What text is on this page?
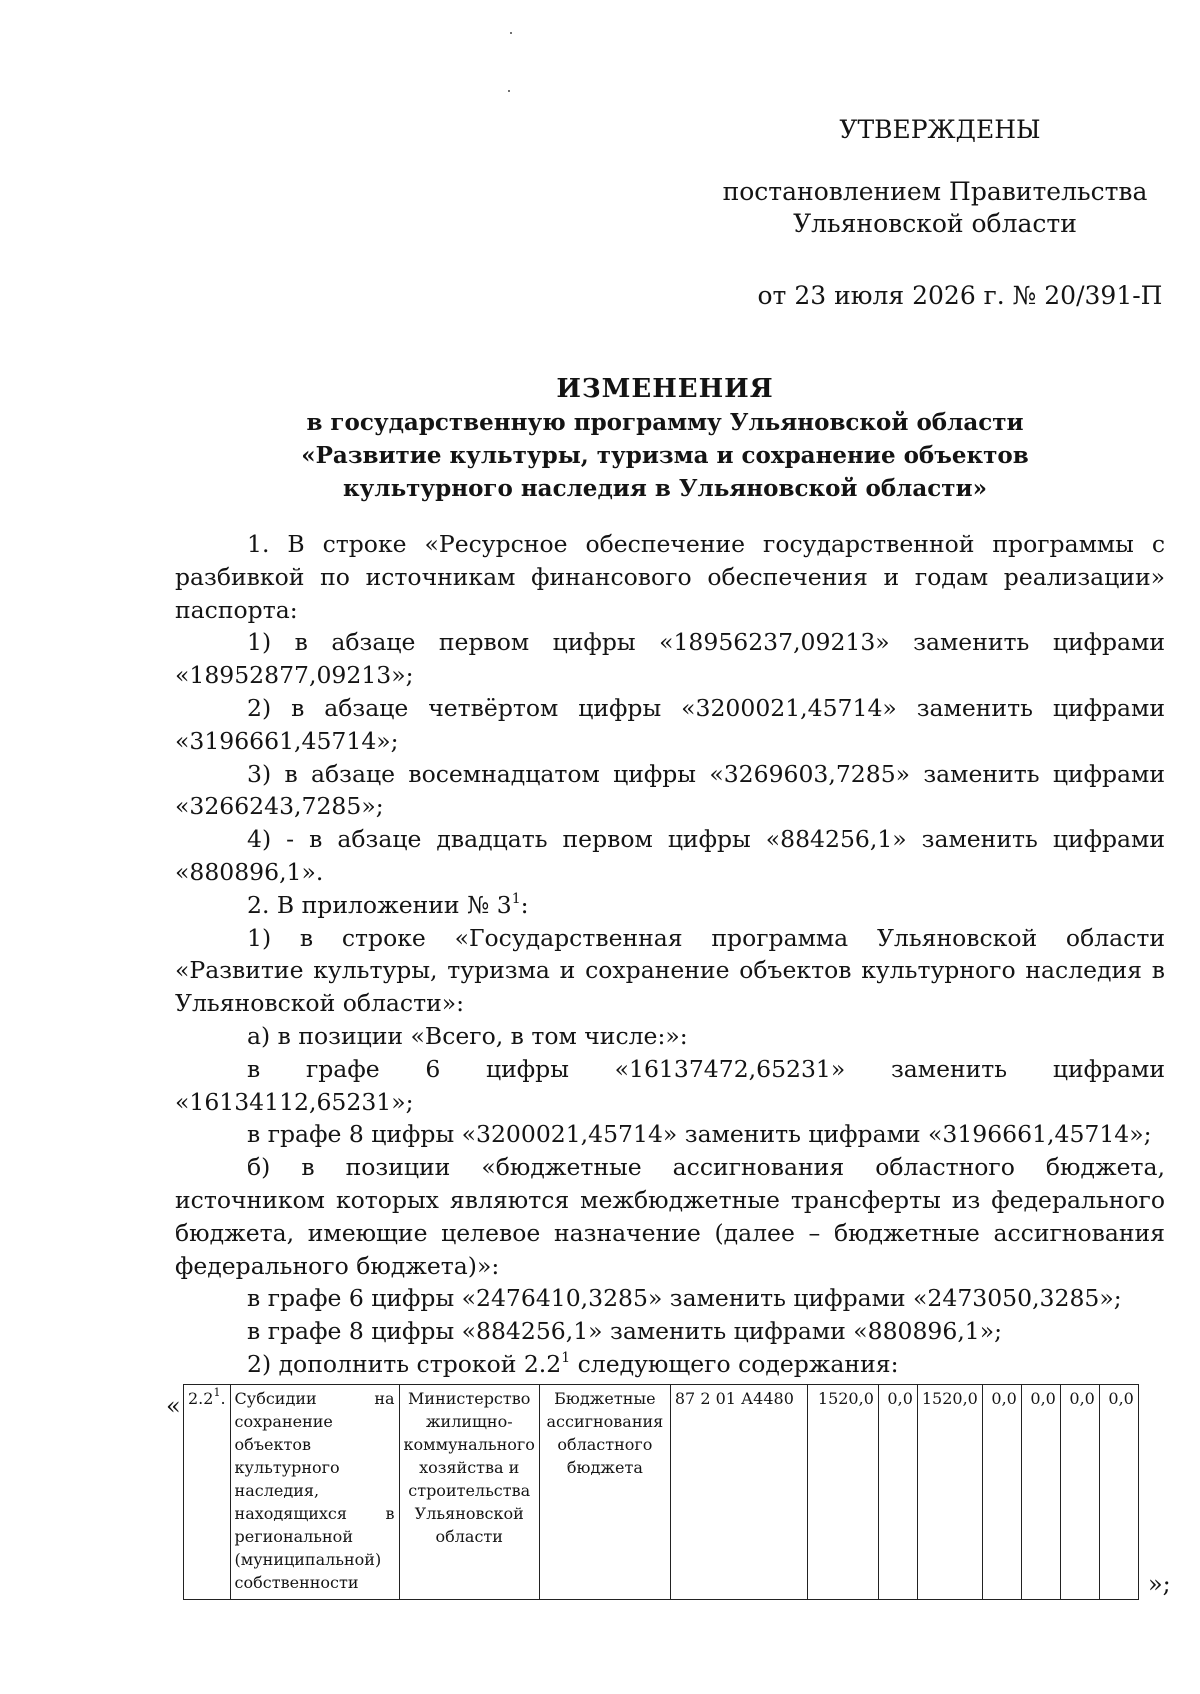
УТВЕРЖДЕНЫ
постановлением Правительства
Ульяновской области
от 23 июля 2026 г. № 20/391-П
ИЗМЕНЕНИЯ
в государственную программу Ульяновской области
«Развитие культуры, туризма и сохранение объектов
культурного наследия в Ульяновской области»

1. В строке «Ресурсное обеспечение государственной программы с разбивкой по источникам финансового обеспечения и годам реализации» паспорта:

1) в абзаце первом цифры «18956237,09213» заменить цифрами «18952877,09213»;

2) в абзаце четвёртом цифры «3200021,45714» заменить цифрами «3196661,45714»;

3) в абзаце восемнадцатом цифры «3269603,7285» заменить цифрами «3266243,7285»;

4) - в абзаце двадцать первом цифры «884256,1» заменить цифрами «880896,1».

2. В приложении № $3^1$:

1) в строке «Государственная программа Ульяновской области «Развитие культуры, туризма и сохранение объектов культурного наследия в Ульяновской области»:

а) в позиции «Всего, в том числе:»:

в графе 6 цифры «16137472,65231» заменить цифрами «16134112,65231»;

в графе 8 цифры «3200021,45714» заменить цифрами «3196661,45714»;

б) в позиции «бюджетные ассигнования областного бюджета, источником которых являются межбюджетные трансферты из федерального бюджета, имеющие целевое назначение (далее – бюджетные ассигнования федерального бюджета)»:

в графе 6 цифры «2476410,3285» заменить цифрами «2473050,3285»;

в графе 8 цифры «884256,1» заменить цифрами «880896,1»;

2) дополнить строкой $2.2^1$ следующего содержания:

« $2.2^1$.	Субсидии на сохранение объектов культурного наследия, находящихся в региональной (муниципальной) собственности	Министерство жилищно-коммунального хозяйства и строительства Ульяновской области	Бюджетные ассигнования областного бюджета	87 2 01 А4480	1520,0	0,0	1520,0	0,0	0,0	0,0	0,0
»;
